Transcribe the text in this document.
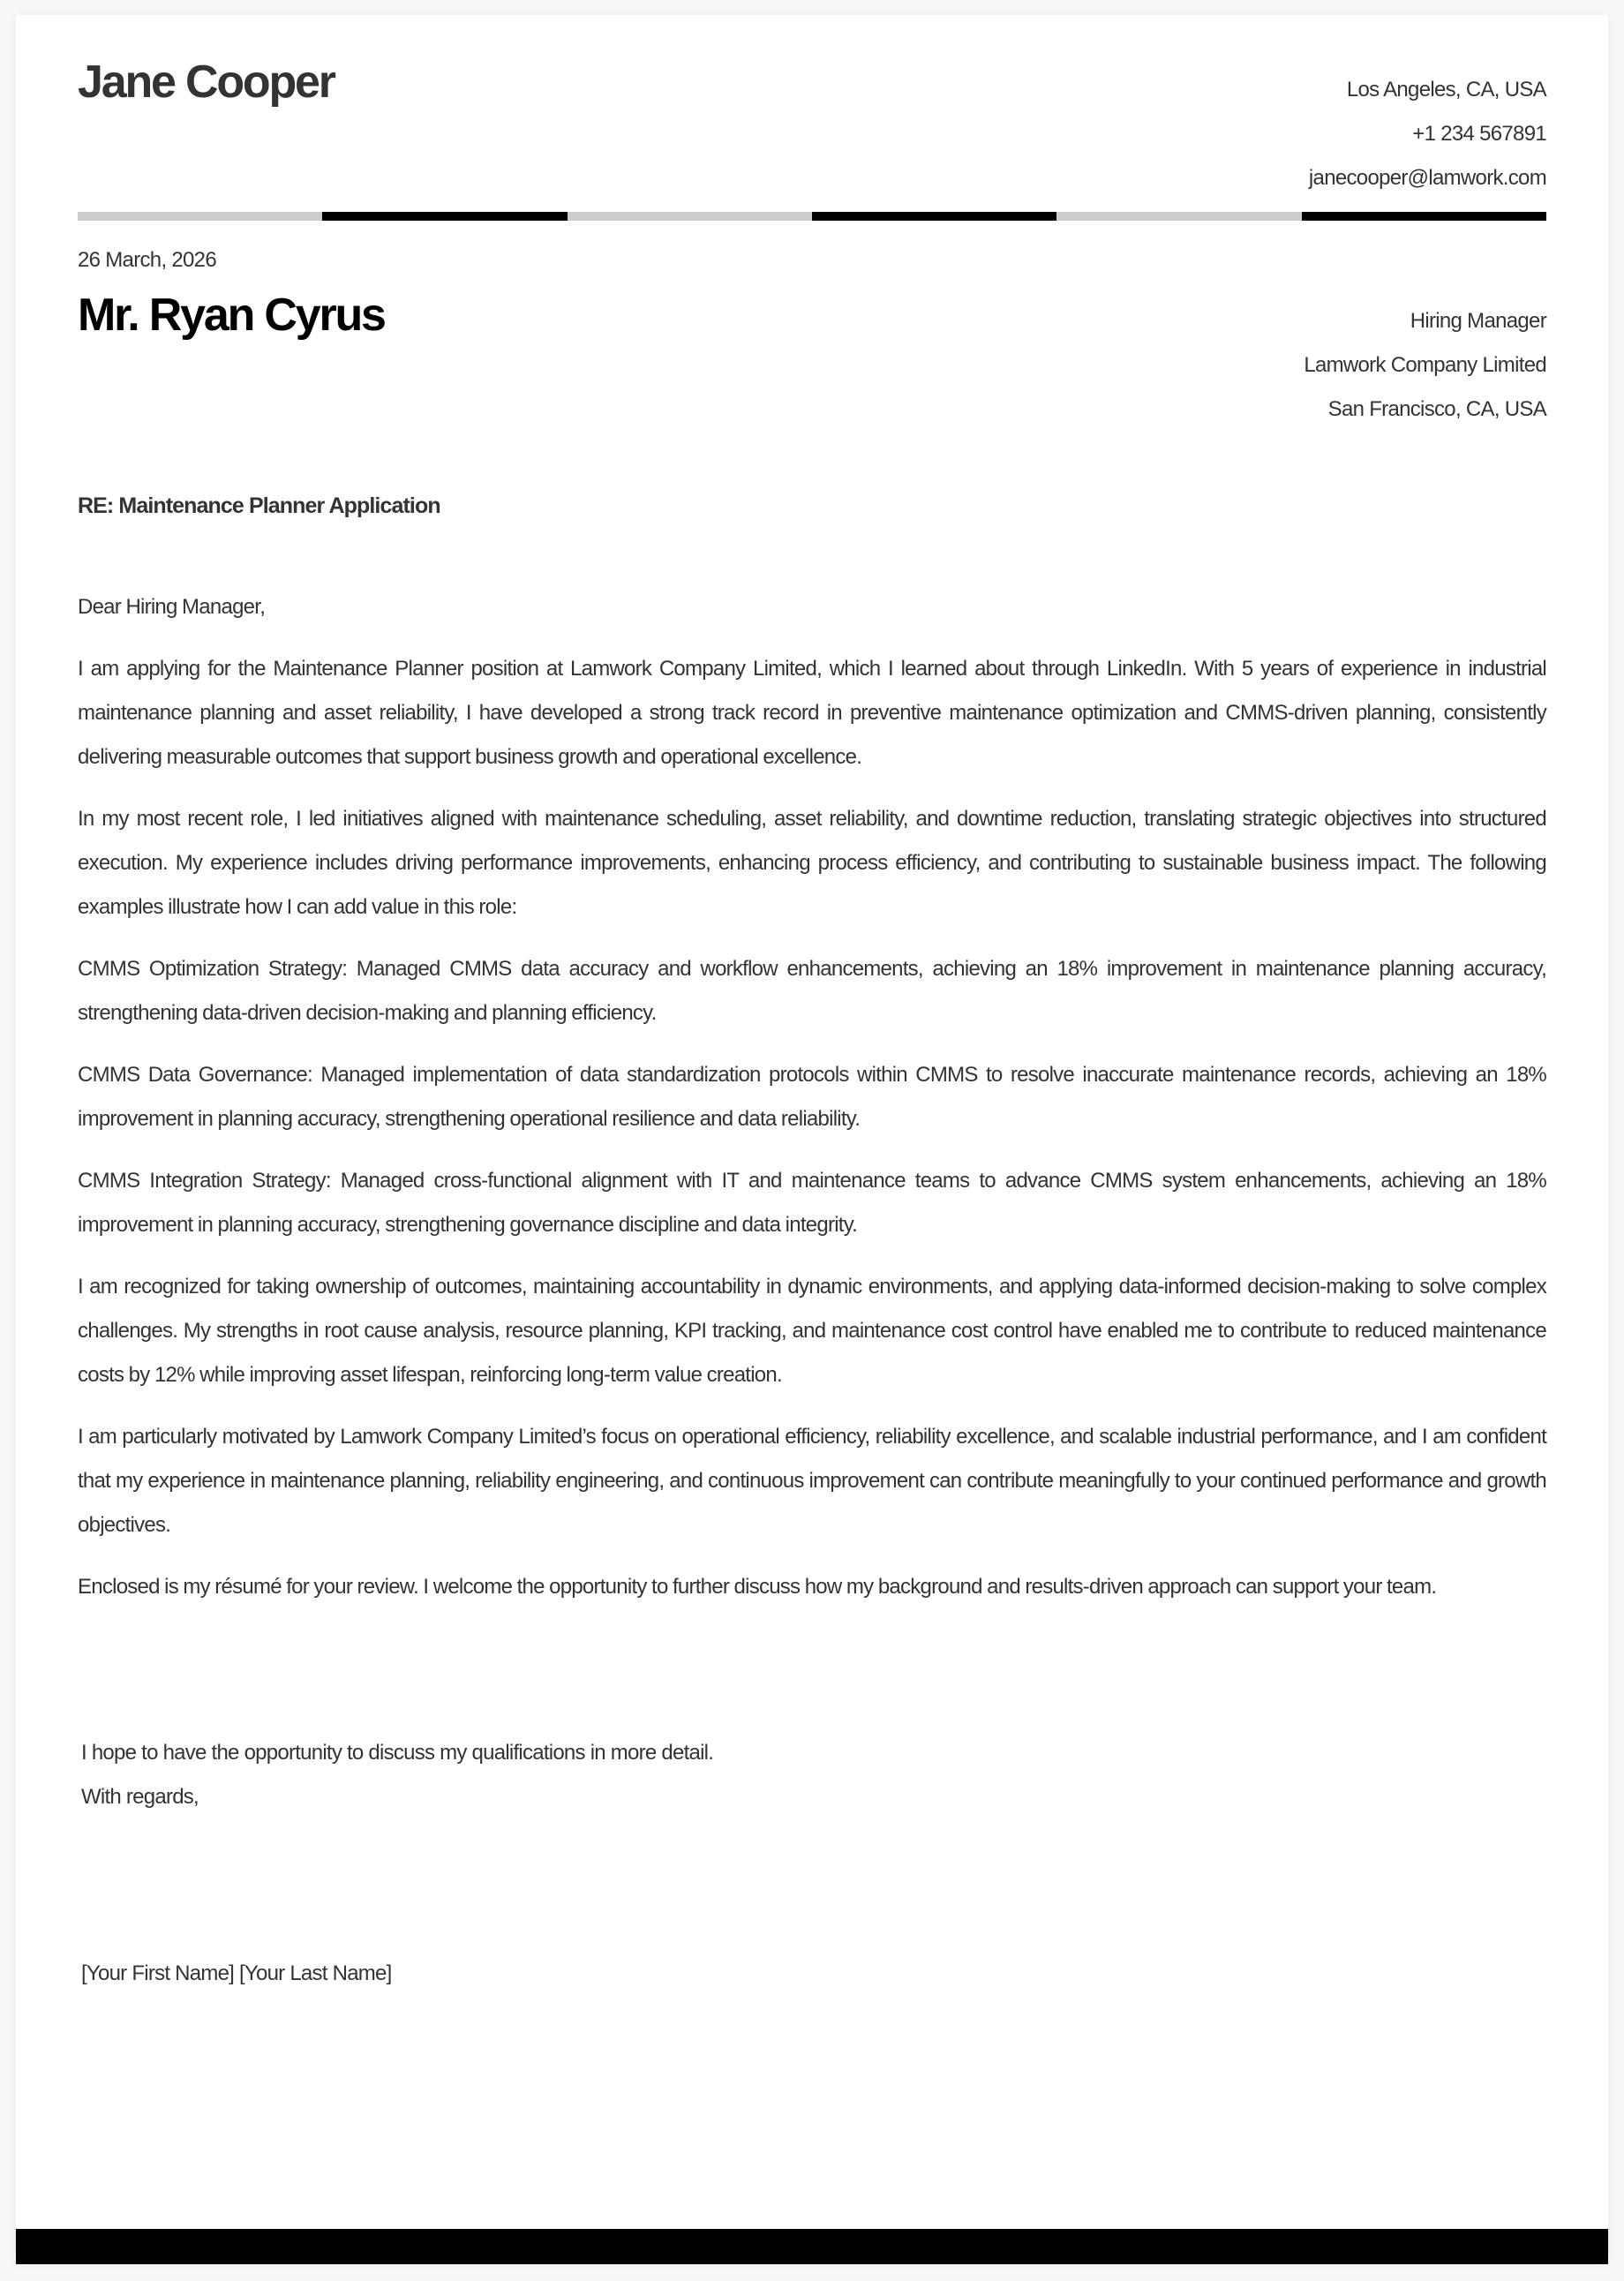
Jane Cooper	Los Angeles, CA, USA
+1 234 567891
janecooper@lamwork.com
26 March, 2026
Mr. Ryan Cyrus	Hiring Manager
Lamwork Company Limited
San Francisco, CA, USA
RE: Maintenance Planner Application

Dear Hiring Manager,

I am applying for the Maintenance Planner position at Lamwork Company Limited, which I learned about through LinkedIn. With 5 years of experience in industrial maintenance planning and asset reliability, I have developed a strong track record in preventive maintenance optimization and CMMS-driven planning, consistently delivering measurable outcomes that support business growth and operational excellence.

In my most recent role, I led initiatives aligned with maintenance scheduling, asset reliability, and downtime reduction, translating strategic objectives into structured execution. My experience includes driving performance improvements, enhancing process efficiency, and contributing to sustainable business impact. The following examples illustrate how I can add value in this role:

CMMS Optimization Strategy: Managed CMMS data accuracy and workflow enhancements, achieving an 18% improvement in maintenance planning accuracy, strengthening data-driven decision-making and planning efficiency.

CMMS Data Governance: Managed implementation of data standardization protocols within CMMS to resolve inaccurate maintenance records, achieving an 18% improvement in planning accuracy, strengthening operational resilience and data reliability.

CMMS Integration Strategy: Managed cross-functional alignment with IT and maintenance teams to advance CMMS system enhancements, achieving an 18% improvement in planning accuracy, strengthening governance discipline and data integrity.

I am recognized for taking ownership of outcomes, maintaining accountability in dynamic environments, and applying data-informed decision-making to solve complex challenges. My strengths in root cause analysis, resource planning, KPI tracking, and maintenance cost control have enabled me to contribute to reduced maintenance costs by 12% while improving asset lifespan, reinforcing long-term value creation.

I am particularly motivated by Lamwork Company Limited’s focus on operational efficiency, reliability excellence, and scalable industrial performance, and I am confident that my experience in maintenance planning, reliability engineering, and continuous improvement can contribute meaningfully to your continued performance and growth objectives.

Enclosed is my résumé for your review. I welcome the opportunity to further discuss how my background and results-driven approach can support your team.

I hope to have the opportunity to discuss my qualifications in more detail.
With regards,
[Your First Name] [Your Last Name]
